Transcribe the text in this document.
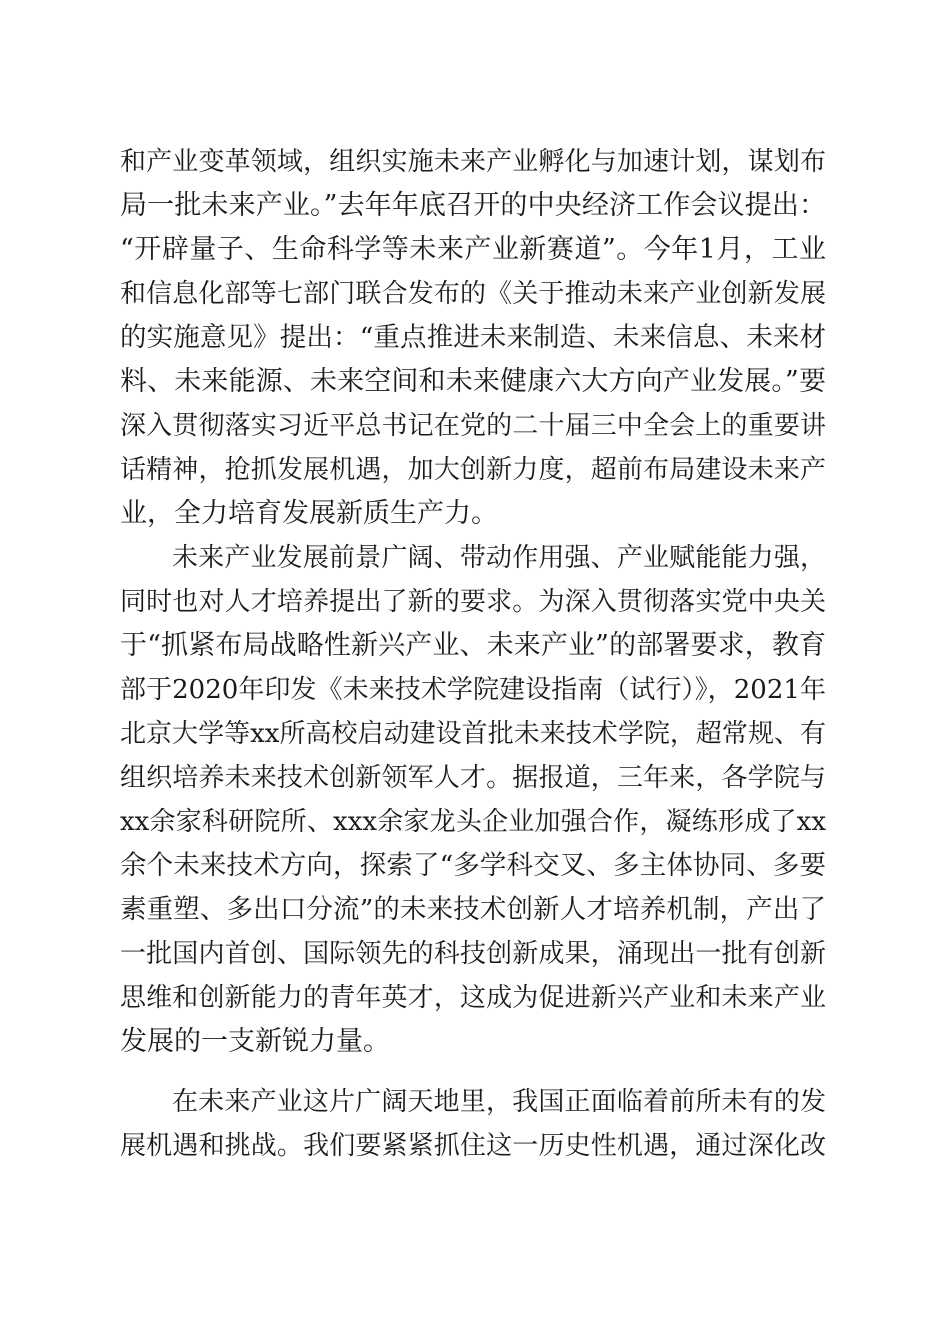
和产业变革领域，组织实施未来产业孵化与加速计划，谋划布
局一批未来产业。”去年年底召开的中央经济工作会议提出：
“开辟量子、生命科学等未来产业新赛道”。今年1月，工业
和信息化部等七部门联合发布的《关于推动未来产业创新发展
的实施意见》提出：“重点推进未来制造、未来信息、未来材
料、未来能源、未来空间和未来健康六大方向产业发展。”要
深入贯彻落实习近平总书记在党的二十届三中全会上的重要讲
话精神，抢抓发展机遇，加大创新力度，超前布局建设未来产
业，全力培育发展新质生产力。
未来产业发展前景广阔、带动作用强、产业赋能能力强，
同时也对人才培养提出了新的要求。为深入贯彻落实党中央关
于“抓紧布局战略性新兴产业、未来产业”的部署要求，教育
部于2020年印发《未来技术学院建设指南（试行）》，2021年
北京大学等xx所高校启动建设首批未来技术学院，超常规、有
组织培养未来技术创新领军人才。据报道，三年来，各学院与
xx余家科研院所、xxx余家龙头企业加强合作，凝练形成了xx
余个未来技术方向，探索了“多学科交叉、多主体协同、多要
素重塑、多出口分流”的未来技术创新人才培养机制，产出了
一批国内首创、国际领先的科技创新成果，涌现出一批有创新
思维和创新能力的青年英才，这成为促进新兴产业和未来产业
发展的一支新锐力量。
在未来产业这片广阔天地里，我国正面临着前所未有的发
展机遇和挑战。我们要紧紧抓住这一历史性机遇，通过深化改
